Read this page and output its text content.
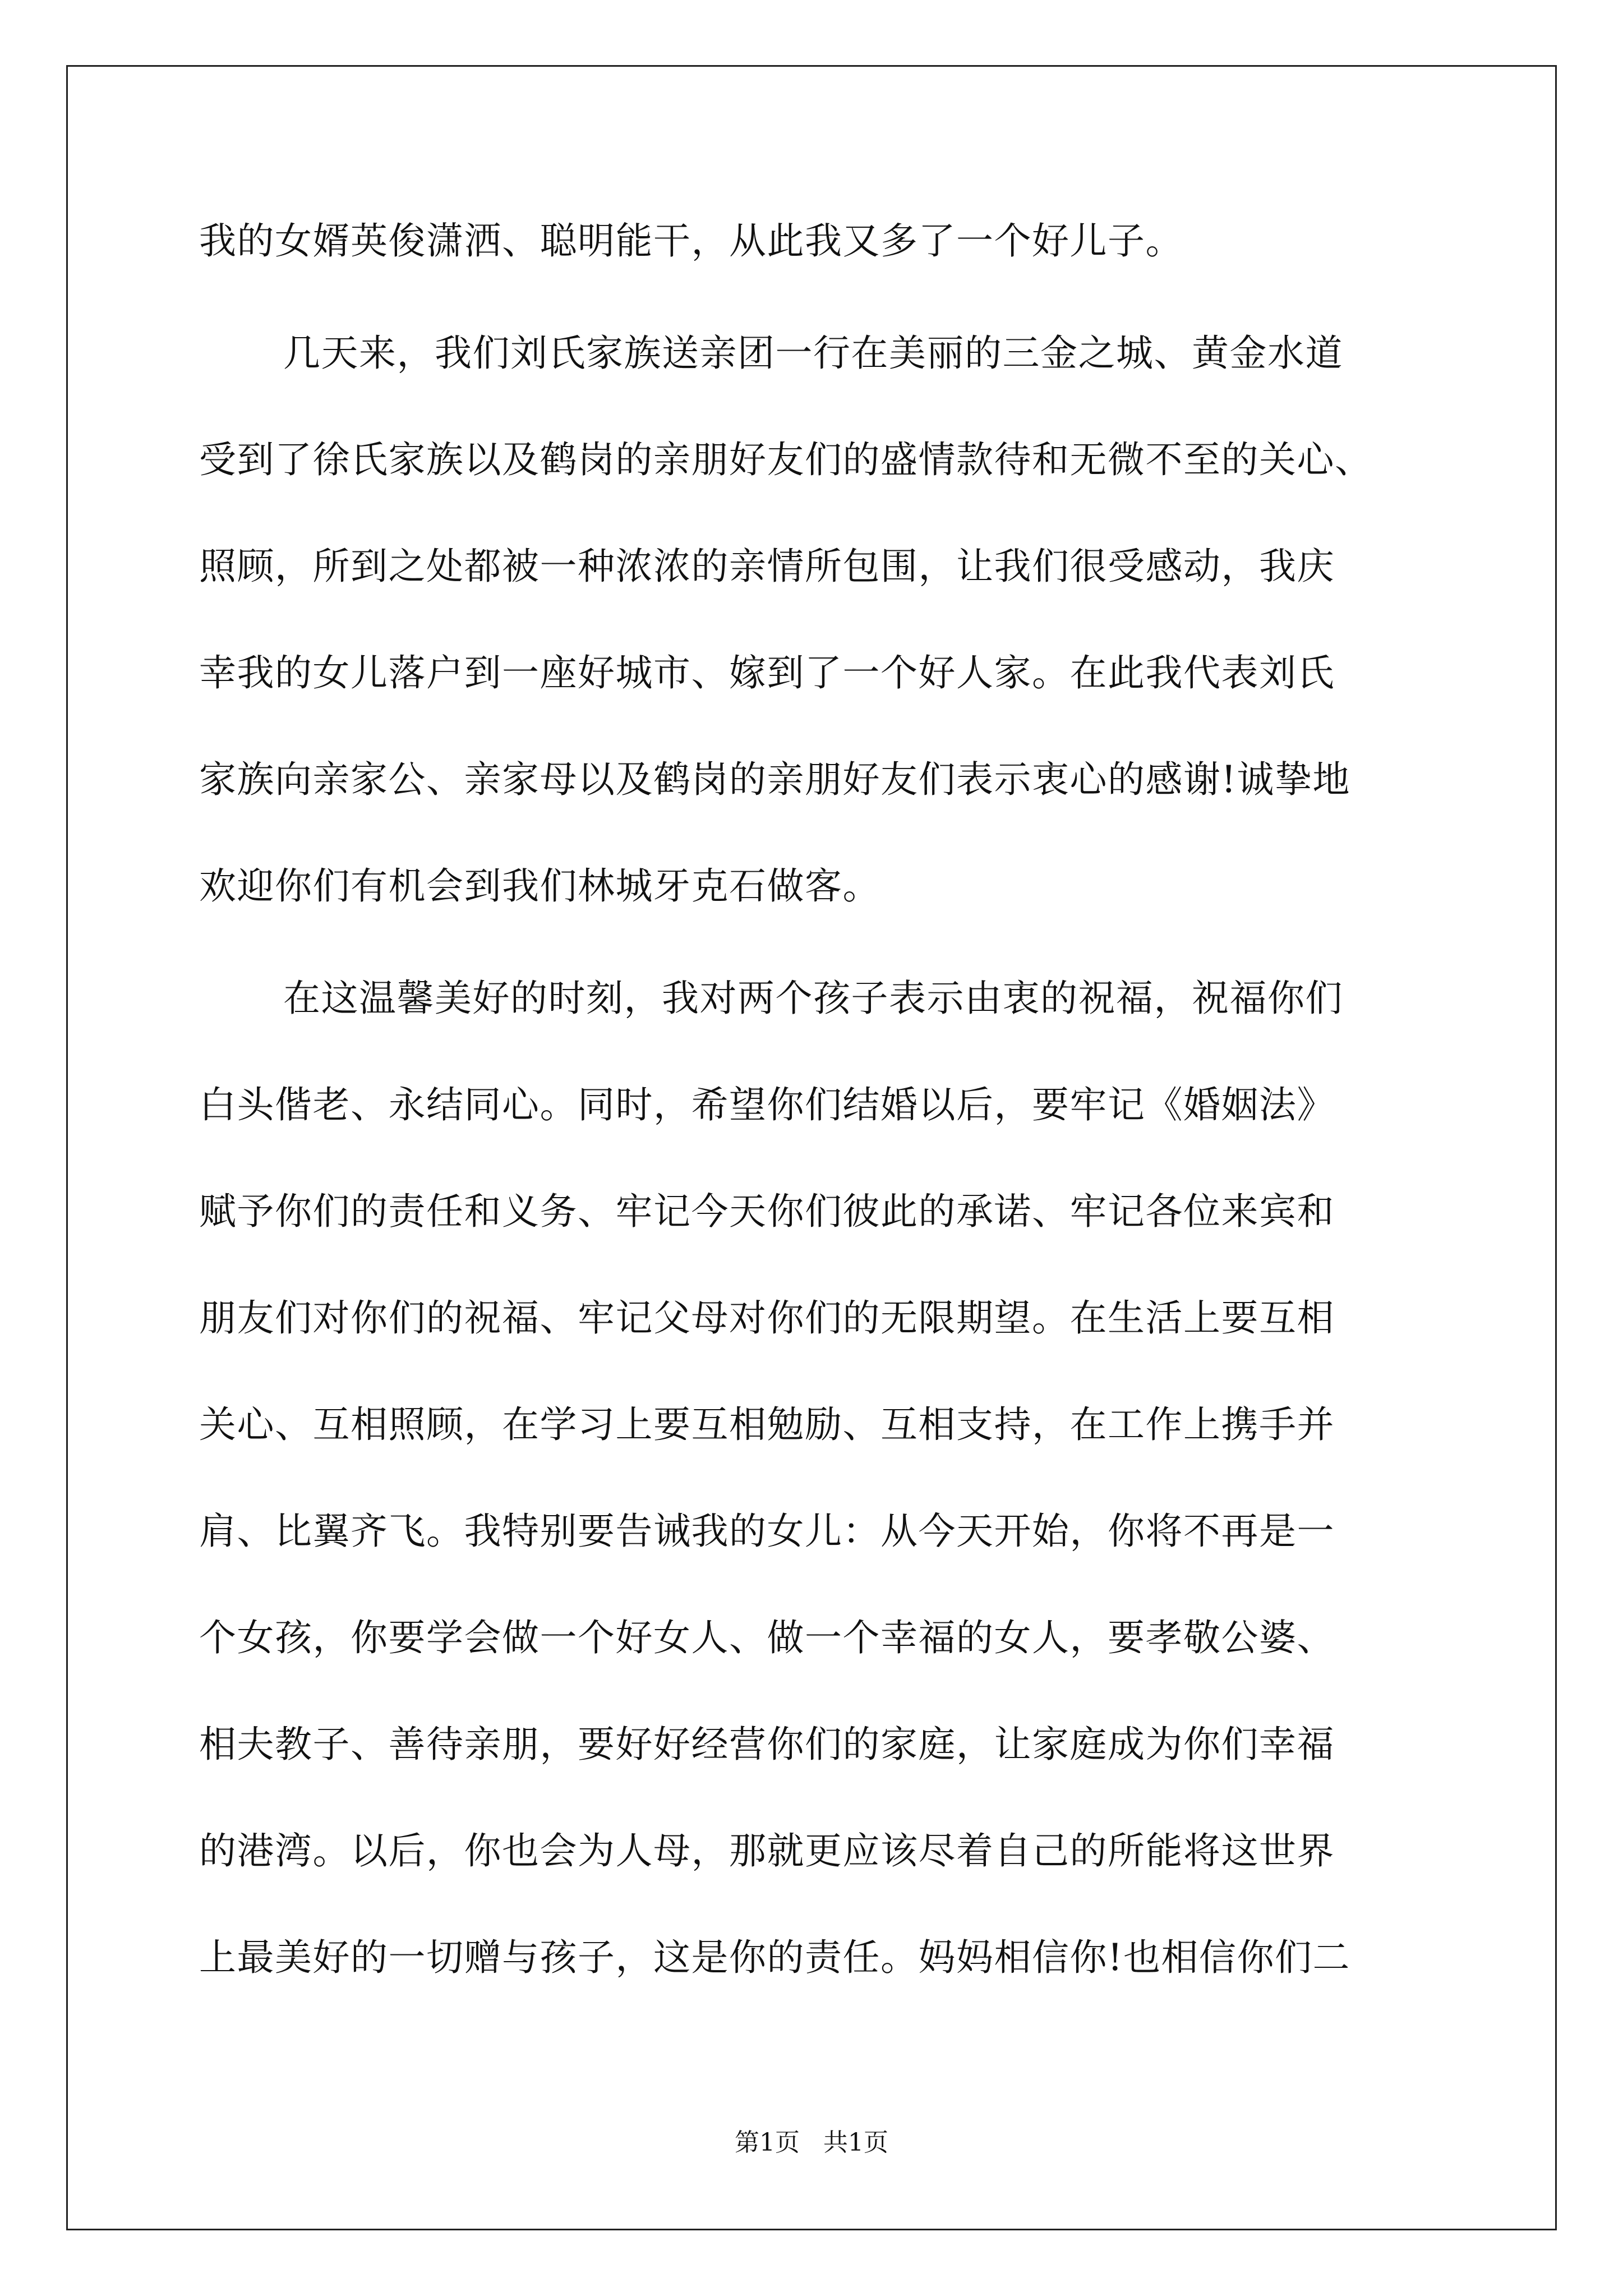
我的女婿英俊潇洒、聪明能干，从此我又多了一个好儿子。
几天来，我们刘氏家族送亲团一行在美丽的三金之城、黄金水道
受到了徐氏家族以及鹤岗的亲朋好友们的盛情款待和无微不至的关心、
照顾，所到之处都被一种浓浓的亲情所包围，让我们很受感动，我庆
幸我的女儿落户到一座好城市、嫁到了一个好人家。在此我代表刘氏
家族向亲家公、亲家母以及鹤岗的亲朋好友们表示衷心的感谢!诚挚地
欢迎你们有机会到我们林城牙克石做客。
在这温馨美好的时刻，我对两个孩子表示由衷的祝福，祝福你们
白头偕老、永结同心。同时，希望你们结婚以后，要牢记《婚姻法》
赋予你们的责任和义务、牢记今天你们彼此的承诺、牢记各位来宾和
朋友们对你们的祝福、牢记父母对你们的无限期望。在生活上要互相
关心、互相照顾，在学习上要互相勉励、互相支持，在工作上携手并
肩、比翼齐飞。我特别要告诫我的女儿：从今天开始，你将不再是一
个女孩，你要学会做一个好女人、做一个幸福的女人，要孝敬公婆、
相夫教子、善待亲朋，要好好经营你们的家庭，让家庭成为你们幸福
的港湾。以后，你也会为人母，那就更应该尽着自己的所能将这世界
上最美好的一切赠与孩子，这是你的责任。妈妈相信你!也相信你们二
第1页   共1页
